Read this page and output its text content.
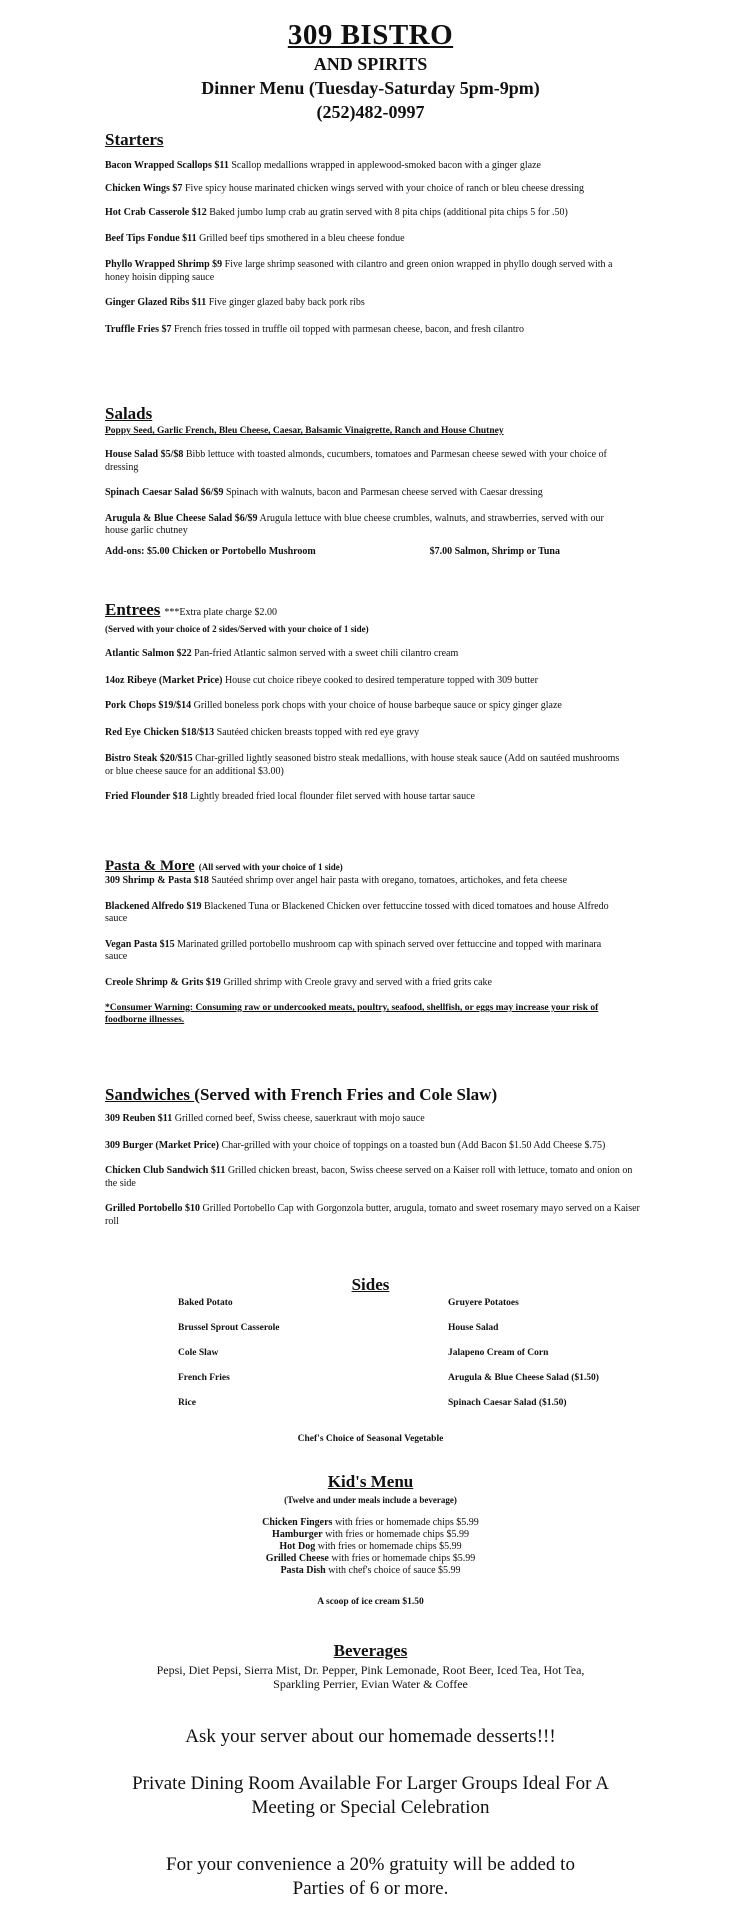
309 BISTRO
AND SPIRITS
Dinner Menu (Tuesday-Saturday 5pm-9pm)
(252)482-0997
Starters
Bacon Wrapped Scallops $11 Scallop medallions wrapped in applewood-smoked bacon with a ginger glaze
Chicken Wings $7 Five spicy house marinated chicken wings served with your choice of ranch or bleu cheese dressing
Hot Crab Casserole $12 Baked jumbo lump crab au gratin served with 8 pita chips (additional pita chips 5 for .50)
Beef Tips Fondue $11 Grilled beef tips smothered in a bleu cheese fondue
Phyllo Wrapped Shrimp $9 Five large shrimp seasoned with cilantro and green onion wrapped in phyllo dough served with a honey hoisin dipping sauce
Ginger Glazed Ribs $11 Five ginger glazed baby back pork ribs
Truffle Fries $7 French fries tossed in truffle oil topped with parmesan cheese, bacon, and fresh cilantro
Salads
Poppy Seed, Garlic French, Bleu Cheese, Caesar, Balsamic Vinaigrette, Ranch and House Chutney
House Salad $5/$8 Bibb lettuce with toasted almonds, cucumbers, tomatoes and Parmesan cheese sewed with your choice of dressing
Spinach Caesar Salad $6/$9 Spinach with walnuts, bacon and Parmesan cheese served with Caesar dressing
Arugula & Blue Cheese Salad $6/$9 Arugula lettuce with blue cheese crumbles, walnuts, and strawberries, served with our house garlic chutney
Add-ons: $5.00 Chicken or Portobello Mushroom	$7.00 Salmon, Shrimp or Tuna
Entrees ***Extra plate charge $2.00
(Served with your choice of 2 sides/Served with your choice of 1 side)
Atlantic Salmon $22 Pan-fried Atlantic salmon served with a sweet chili cilantro cream
14oz Ribeye (Market Price) House cut choice ribeye cooked to desired temperature topped with 309 butter
Pork Chops $19/$14 Grilled boneless pork chops with your choice of house barbeque sauce or spicy ginger glaze
Red Eye Chicken $18/$13 Sautéed chicken breasts topped with red eye gravy
Bistro Steak $20/$15 Char-grilled lightly seasoned bistro steak medallions, with house steak sauce (Add on sautéed mushrooms or blue cheese sauce for an additional $3.00)
Fried Flounder $18 Lightly breaded fried local flounder filet served with house tartar sauce
Pasta & More (All served with your choice of 1 side)
309 Shrimp & Pasta $18 Sautéed shrimp over angel hair pasta with oregano, tomatoes, artichokes, and feta cheese
Blackened Alfredo $19 Blackened Tuna or Blackened Chicken over fettuccine tossed with diced tomatoes and house Alfredo sauce
Vegan Pasta $15 Marinated grilled portobello mushroom cap with spinach served over fettuccine and topped with marinara sauce
Creole Shrimp & Grits $19 Grilled shrimp with Creole gravy and served with a fried grits cake
*Consumer Warning: Consuming raw or undercooked meats, poultry, seafood, shellfish, or eggs may increase your risk of foodborne illnesses.
Sandwiches (Served with French Fries and Cole Slaw)
309 Reuben $11 Grilled corned beef, Swiss cheese, sauerkraut with mojo sauce
309 Burger (Market Price) Char-grilled with your choice of toppings on a toasted bun (Add Bacon $1.50 Add Cheese $.75)
Chicken Club Sandwich $11 Grilled chicken breast, bacon, Swiss cheese served on a Kaiser roll with lettuce, tomato and onion on the side
Grilled Portobello $10 Grilled Portobello Cap with Gorgonzola butter, arugula, tomato and sweet rosemary mayo served on a Kaiser roll
Sides
Baked Potato	Gruyere Potatoes
Brussel Sprout Casserole	House Salad
Cole Slaw	Jalapeno Cream of Corn
French Fries	Arugula & Blue Cheese Salad ($1.50)
Rice	Spinach Caesar Salad ($1.50)
Chef's Choice of Seasonal Vegetable
Kid's Menu
(Twelve and under meals include a beverage)
Chicken Fingers with fries or homemade chips $5.99
Hamburger with fries or homemade chips $5.99
Hot Dog with fries or homemade chips $5.99
Grilled Cheese with fries or homemade chips $5.99
Pasta Dish with chef's choice of sauce $5.99
A scoop of ice cream $1.50
Beverages
Pepsi, Diet Pepsi, Sierra Mist, Dr. Pepper, Pink Lemonade, Root Beer, Iced Tea, Hot Tea,
Sparkling Perrier, Evian Water & Coffee
Ask your server about our homemade desserts!!!
Private Dining Room Available For Larger Groups Ideal For A
Meeting or Special Celebration
For your convenience a 20% gratuity will be added to
Parties of 6 or more.
